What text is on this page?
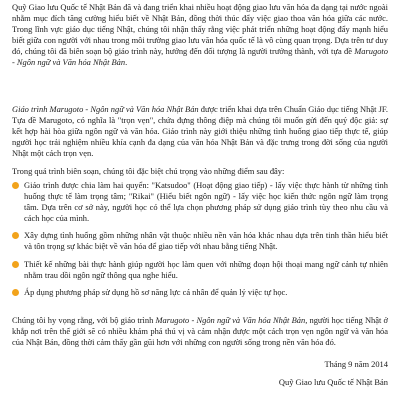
Quỹ Giao lưu Quốc tế Nhật Bản đã và đang triển khai nhiều hoạt động giao lưu văn hóa đa dạng tại nước ngoài nhằm mục đích tăng cường hiểu biết về Nhật Bản, đồng thời thúc đẩy việc giao thoa văn hóa giữa các nước. Trong lĩnh vực giáo dục tiếng Nhật, chúng tôi nhận thấy rằng việc phát triển những hoạt động đẩy mạnh hiểu biết giữa con người với nhau trong môi trường giao lưu văn hóa quốc tế là vô cùng quan trọng. Dựa trên tư duy đó, chúng tôi đã biên soạn bộ giáo trình này, hướng đến đối tượng là người trưởng thành, với tựa đề Marugoto - Ngôn ngữ và Văn hóa Nhật Bản.

Giáo trình Marugoto - Ngôn ngữ và Văn hóa Nhật Bản được triển khai dựa trên Chuẩn Giáo dục tiếng Nhật JF. Tựa đề Marugoto, có nghĩa là "trọn vẹn", chứa đựng thông điệp mà chúng tôi muốn gửi đến quý độc giả: sự kết hợp hài hòa giữa ngôn ngữ và văn hóa. Giáo trình này giới thiệu những tình huống giao tiếp thực tế, giúp người học trải nghiệm nhiều khía cạnh đa dạng của văn hóa Nhật Bản và đặc trưng trong đời sống của người Nhật một cách trọn vẹn.

Trong quá trình biên soạn, chúng tôi đặc biệt chú trọng vào những điểm sau đây:

Giáo trình được chia làm hai quyển: "Katsudoo" (Hoạt động giao tiếp) - lấy việc thực hành từ những tình huống thực tế làm trọng tâm; "Rikai" (Hiểu biết ngôn ngữ) - lấy việc học kiến thức ngôn ngữ làm trọng tâm. Dựa trên cơ sở này, người học có thể lựa chọn phương pháp sử dụng giáo trình tùy theo nhu cầu và cách học của mình.
Xây dựng tình huống gồm những nhân vật thuộc nhiều nền văn hóa khác nhau dựa trên tinh thần hiểu biết và tôn trọng sự khác biệt về văn hóa để giao tiếp với nhau bằng tiếng Nhật.
Thiết kế những bài thực hành giúp người học làm quen với những đoạn hội thoại mang ngữ cảnh tự nhiên nhằm trau dồi ngôn ngữ thông qua nghe hiểu.
Áp dụng phương pháp sử dụng hồ sơ năng lực cá nhân để quản lý việc tự học.

Chúng tôi hy vọng rằng, với bộ giáo trình Marugoto - Ngôn ngữ và Văn hóa Nhật Bản, người học tiếng Nhật ở khắp nơi trên thế giới sẽ có nhiều khám phá thú vị và cảm nhận được một cách trọn vẹn ngôn ngữ và văn hóa của Nhật Bản, đồng thời cảm thấy gần gũi hơn với những con người sống trong nền văn hóa đó.

Tháng 9 năm 2014

Quỹ Giao lưu Quốc tế Nhật Bản
